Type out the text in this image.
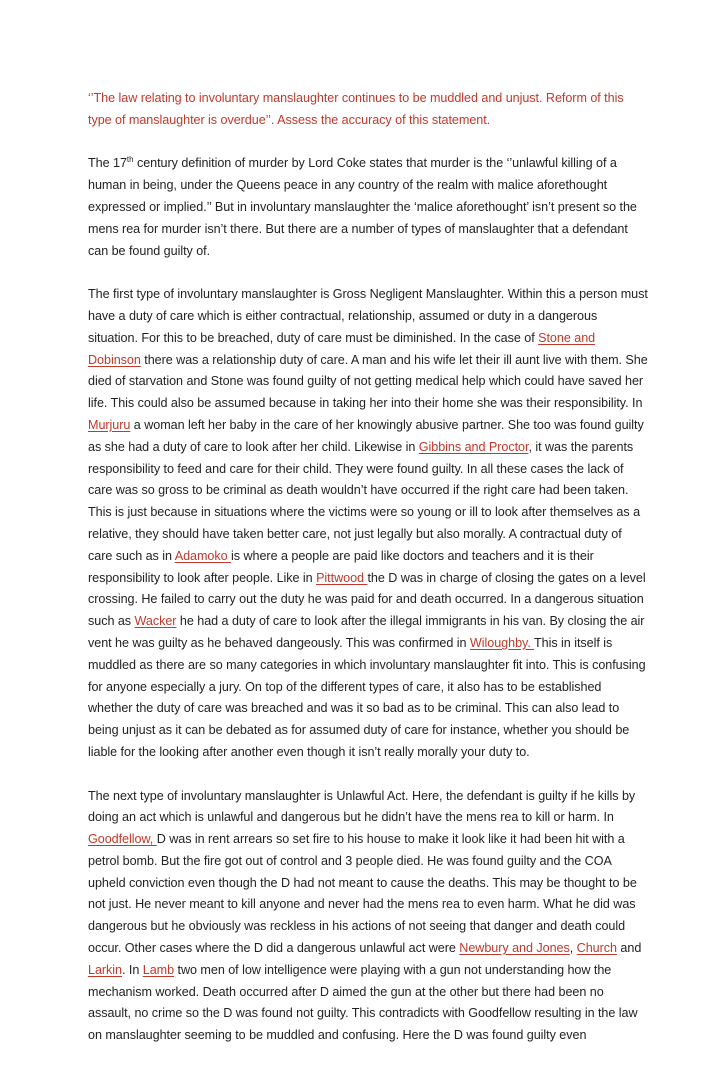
‘’The law relating to involuntary manslaughter continues to be muddled and unjust. Reform of this type of manslaughter is overdue’’. Assess the accuracy of this statement.

The 17th century definition of murder by Lord Coke states that murder is the ‘’unlawful killing of a human in being, under the Queens peace in any country of the realm with malice aforethought expressed or implied.’’ But in involuntary manslaughter the ‘malice aforethought’ isn’t present so the mens rea for murder isn’t there. But there are a number of types of manslaughter that a defendant can be found guilty of.

The first type of involuntary manslaughter is Gross Negligent Manslaughter. Within this a person must have a duty of care which is either contractual, relationship, assumed or duty in a dangerous situation. For this to be breached, duty of care must be diminished. In the case of Stone and Dobinson there was a relationship duty of care. A man and his wife let their ill aunt live with them. She died of starvation and Stone was found guilty of not getting medical help which could have saved her life. This could also be assumed because in taking her into their home she was their responsibility. In Murjuru a woman left her baby in the care of her knowingly abusive partner. She too was found guilty as she had a duty of care to look after her child. Likewise in Gibbins and Proctor, it was the parents responsibility to feed and care for their child. They were found guilty. In all these cases the lack of care was so gross to be criminal as death wouldn’t have occurred if the right care had been taken. This is just because in situations where the victims were so young or ill to look after themselves as a relative, they should have taken better care, not just legally but also morally. A contractual duty of care such as in Adamoko is where a people are paid like doctors and teachers and it is their responsibility to look after people. Like in Pittwood the D was in charge of closing the gates on a level crossing. He failed to carry out the duty he was paid for and death occurred. In a dangerous situation such as Wacker he had a duty of care to look after the illegal immigrants in his van. By closing the air vent he was guilty as he behaved dangeously. This was confirmed in Wiloughby. This in itself is muddled as there are so many categories in which involuntary manslaughter fit into. This is confusing for anyone especially a jury. On top of the different types of care, it also has to be established whether the duty of care was breached and was it so bad as to be criminal. This can also lead to being unjust as it can be debated as for assumed duty of care for instance, whether you should be liable for the looking after another even though it isn’t really morally your duty to.

The next type of involuntary manslaughter is Unlawful Act. Here, the defendant is guilty if he kills by doing an act which is unlawful and dangerous but he didn’t have the mens rea to kill or harm. In Goodfellow, D was in rent arrears so set fire to his house to make it look like it had been hit with a petrol bomb. But the fire got out of control and 3 people died. He was found guilty and the COA upheld conviction even though the D had not meant to cause the deaths. This may be thought to be not just. He never meant to kill anyone and never had the mens rea to even harm. What he did was dangerous but he obviously was reckless in his actions of not seeing that danger and death could occur. Other cases where the D did a dangerous unlawful act were Newbury and Jones, Church and Larkin. In Lamb two men of low intelligence were playing with a gun not understanding how the mechanism worked. Death occurred after D aimed the gun at the other but there had been no assault, no crime so the D was found not guilty. This contradicts with Goodfellow resulting in the law on manslaughter seeming to be muddled and confusing. Here the D was found guilty even
